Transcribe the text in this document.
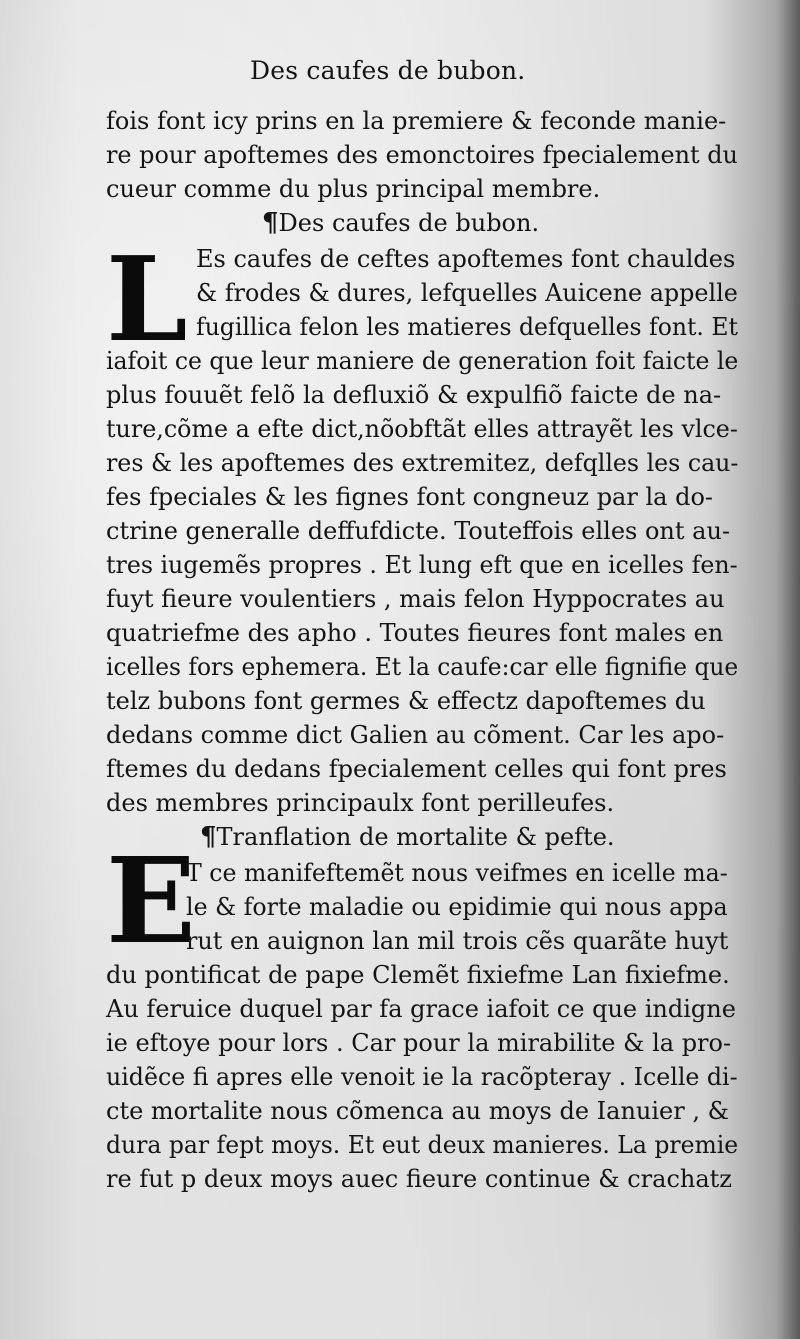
Des caufes de bubon.
fois font icy prins en la premiere & feconde manie-
re pour apoftemes des emonctoires fpecialement du
cueur comme du plus principal membre.
¶Des caufes de bubon.
L Es caufes de ceftes apoftemes font chauldes
& frodes & dures, lefquelles Auicene appelle
fugillica felon les matieres defquelles font. Et
iafoit ce que leur maniere de generation foit faicte le
plus fouuẽt felõ la defluxiõ & expulfiõ faicte de na-
ture,cõme a efte dict,nõobftãt elles attrayẽt les vlce-
res & les apoftemes des extremitez, defqlles les cau-
fes fpeciales & les fignes font congneuz par la do-
ctrine generalle deffufdicte. Touteffois elles ont au-
tres iugemẽs propres . Et lung eft que en icelles fen-
fuyt fieure voulentiers , mais felon Hyppocrates au
quatriefme des apho . Toutes fieures font males en
icelles fors ephemera. Et la caufe:car elle fignifie que
telz bubons font germes & effectz dapoftemes du
dedans comme dict Galien au cõment. Car les apo-
ftemes du dedans fpecialement celles qui font pres
des membres principaulx font perilleufes.
¶Tranflation de mortalite & pefte.
E
T ce manifeftemẽt nous veifmes en icelle ma-
le & forte maladie ou epidimie qui nous appa
rut en auignon lan mil trois cẽs quarãte huyt
du pontificat de pape Clemẽt fixiefme Lan fixiefme.
Au feruice duquel par fa grace iafoit ce que indigne
ie eftoye pour lors . Car pour la mirabilite & la pro-
uidẽce fi apres elle venoit ie la racõpteray . Icelle di-
cte mortalite nous cõmenca au moys de Ianuier , &
dura par fept moys. Et eut deux manieres. La premie
re fut p deux moys auec fieure continue & crachatz
